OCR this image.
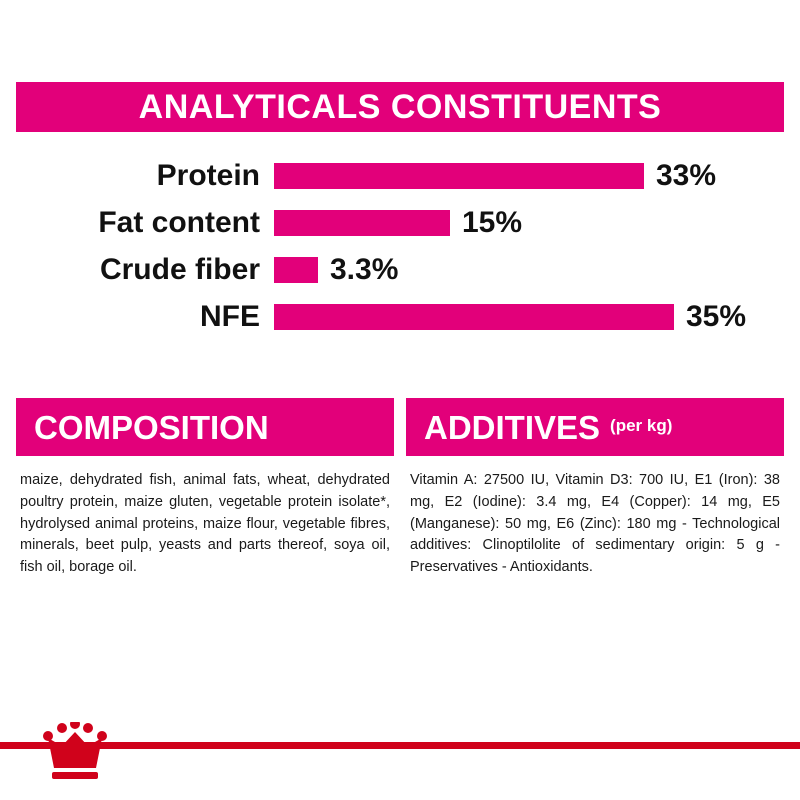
ANALYTICALS CONSTITUENTS
Protein	33%
Fat content	15%
Crude fiber	3.3%
NFE	35%
COMPOSITION
maize, dehydrated fish, animal fats, wheat, dehydrated poultry protein, maize gluten, vegetable protein isolate*, hydrolysed animal proteins, maize flour, vegetable fibres, minerals, beet pulp, yeasts and parts thereof, soya oil, fish oil, borage oil.
ADDITIVES (per kg)
Vitamin A: 27500 IU, Vitamin D3: 700 IU, E1 (Iron): 38 mg, E2 (Iodine): 3.4 mg, E4 (Copper): 14 mg, E5 (Manganese): 50 mg, E6 (Zinc): 180 mg - Technological additives: Clinoptilolite of sedimentary origin: 5 g - Preservatives - Antioxidants.
